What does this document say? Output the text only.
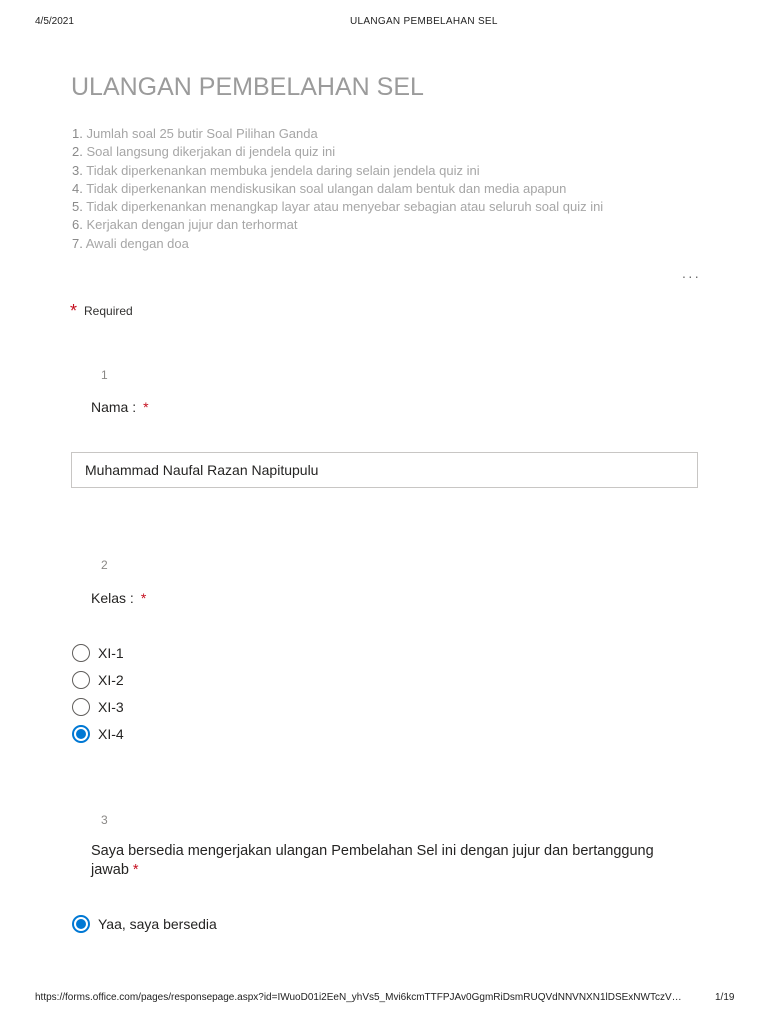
4/5/2021	ULANGAN PEMBELAHAN SEL
ULANGAN PEMBELAHAN SEL
1. Jumlah soal 25 butir Soal Pilihan Ganda
2. Soal langsung dikerjakan di jendela quiz ini
3. Tidak diperkenankan membuka jendela daring selain jendela quiz ini
4. Tidak diperkenankan mendiskusikan soal ulangan dalam bentuk dan media apapun
5. Tidak diperkenankan menangkap layar atau menyebar sebagian atau seluruh soal quiz ini
6. Kerjakan dengan jujur dan terhormat
7. Awali dengan doa
...
* Required
1
Nama : *
Muhammad Naufal Razan Napitupulu
2
Kelas : *
XI-1
XI-2
XI-3
XI-4
3
Saya bersedia mengerjakan ulangan Pembelahan Sel ini dengan jujur dan bertanggung jawab *
Yaa, saya bersedia
https://forms.office.com/pages/responsepage.aspx?id=IWuoD01i2EeN_yhVs5_Mvi6kcmTTFPJAv0GgmRiDsmRUQVdNNVNXN1lDSExNWTczV…	1/19
